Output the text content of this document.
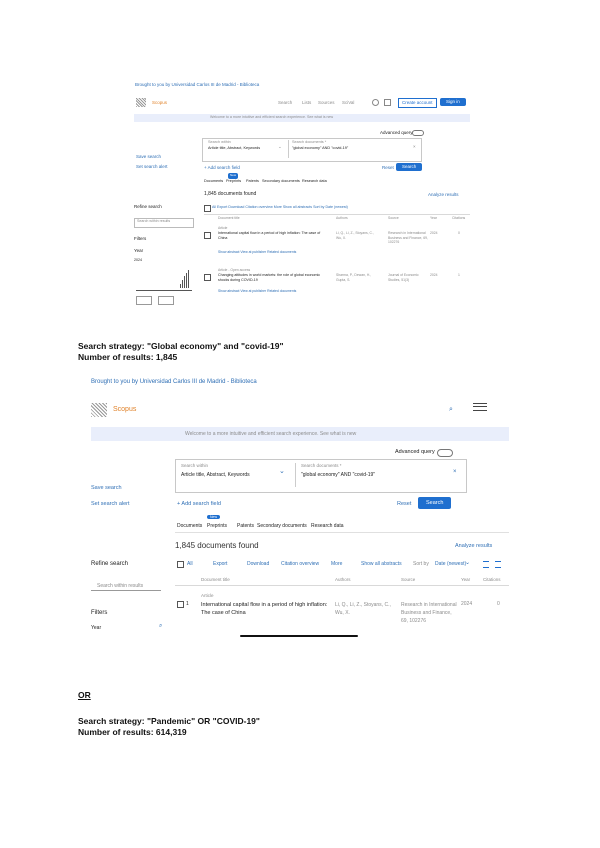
Brought to you by Universidad Carlos III de Madrid - Biblioteca
Scopus	Search Lists Sources SciVal	Create account	Sign in
Welcome to a more intuitive and efficient search experience. See what is new
Advanced query
Search within
Article title, Abstract, Keywords	⌄
Search documents *
"global economy" AND "covid-19"	×
Save search
Set search alert	+ Add search field	Reset	Search
New
Documents Preprints Patents Secondary documents Research data
1,845 documents found	Analyze results
Refine search
Search within results
Filters
Year
2024
All Export Download Citation overview More Show all abstracts Sort by Date (newest)
Document title	Authors	Source	Year	Citations
Article
International capital flow in a period of high inflation: The case of China
Li, Q., Li, Z., Stoyans, C., Wu, X.
Research in International Business and Finance, 69, 102276
2024	0
Show abstract View at publisher Related documents
Article - Open access
Changing attitudes in world markets: the role of global economic shocks during COVID-19
Sharma, P., Dewan, H., Gupta, S.
Journal of Economic Studies, 51(3)
2024	1
Show abstract View at publisher Related documents
Search strategy: "Global economy" and "covid-19"
Number of results: 1,845
Brought to you by Universidad Carlos III de Madrid - Biblioteca
Scopus	⌕
Welcome to a more intuitive and efficient search experience. See what is new
Advanced query
Search within
Article title, Abstract, Keywords	⌄
Search documents *
"global economy" AND "covid-19"	×
Save search
Set search alert	+ Add search field	Reset	Search
New
Documents Preprints Patents Secondary documents Research data
1,845 documents found	Analyze results
Refine search
Search within results
Filters
Year	⌕
All	Export	Download Citation overview More	Show all abstracts Sort by Date (newest)
⌄
Document title	Authors	Source	Year	Citations
Article
1 International capital flow in a period of high inflation: The case of China
Li, Q., Li, Z., Stoyans, C., Wu, X.
Research in International Business and Finance, 69, 102276
2024	0
OR
Search strategy: "Pandemic" OR "COVID-19"
Number of results: 614,319
